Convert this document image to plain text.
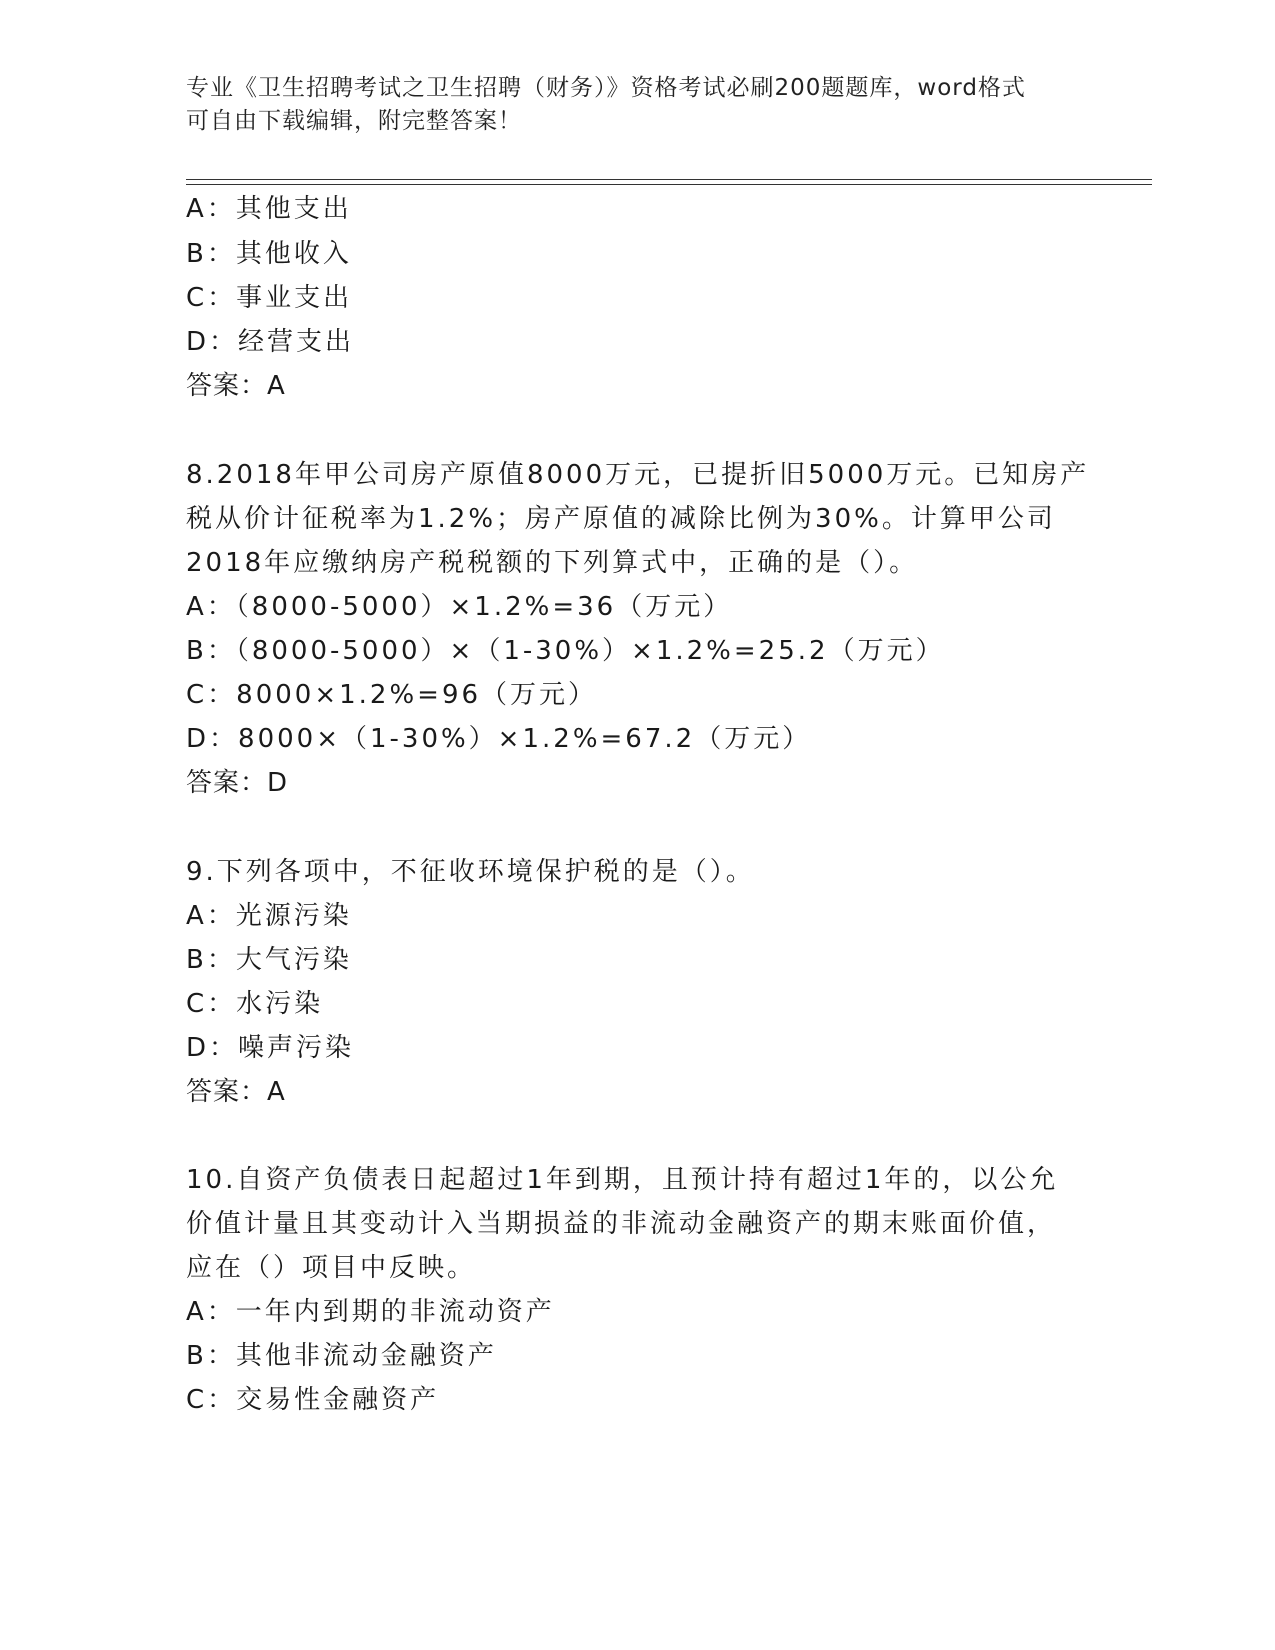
专业《卫生招聘考试之卫生招聘（财务）》资格考试必刷200题题库，word格式
可自由下载编辑，附完整答案！
A：其他支出
B：其他收入
C：事业支出
D：经营支出
答案：A
8.2018年甲公司房产原值8000万元，已提折旧5000万元。已知房产
税从价计征税率为1.2%；房产原值的减除比例为30%。计算甲公司
2018年应缴纳房产税税额的下列算式中，正确的是（）。
A：（8000-5000）×1.2%=36（万元）
B：（8000-5000）×（1-30%）×1.2%=25.2（万元）
C：8000×1.2%=96（万元）
D：8000×（1-30%）×1.2%=67.2（万元）
答案：D
9.下列各项中，不征收环境保护税的是（）。
A：光源污染
B：大气污染
C：水污染
D：噪声污染
答案：A
10.自资产负债表日起超过1年到期，且预计持有超过1年的，以公允
价值计量且其变动计入当期损益的非流动金融资产的期末账面价值，
应在（）项目中反映。
A：一年内到期的非流动资产
B：其他非流动金融资产
C：交易性金融资产
